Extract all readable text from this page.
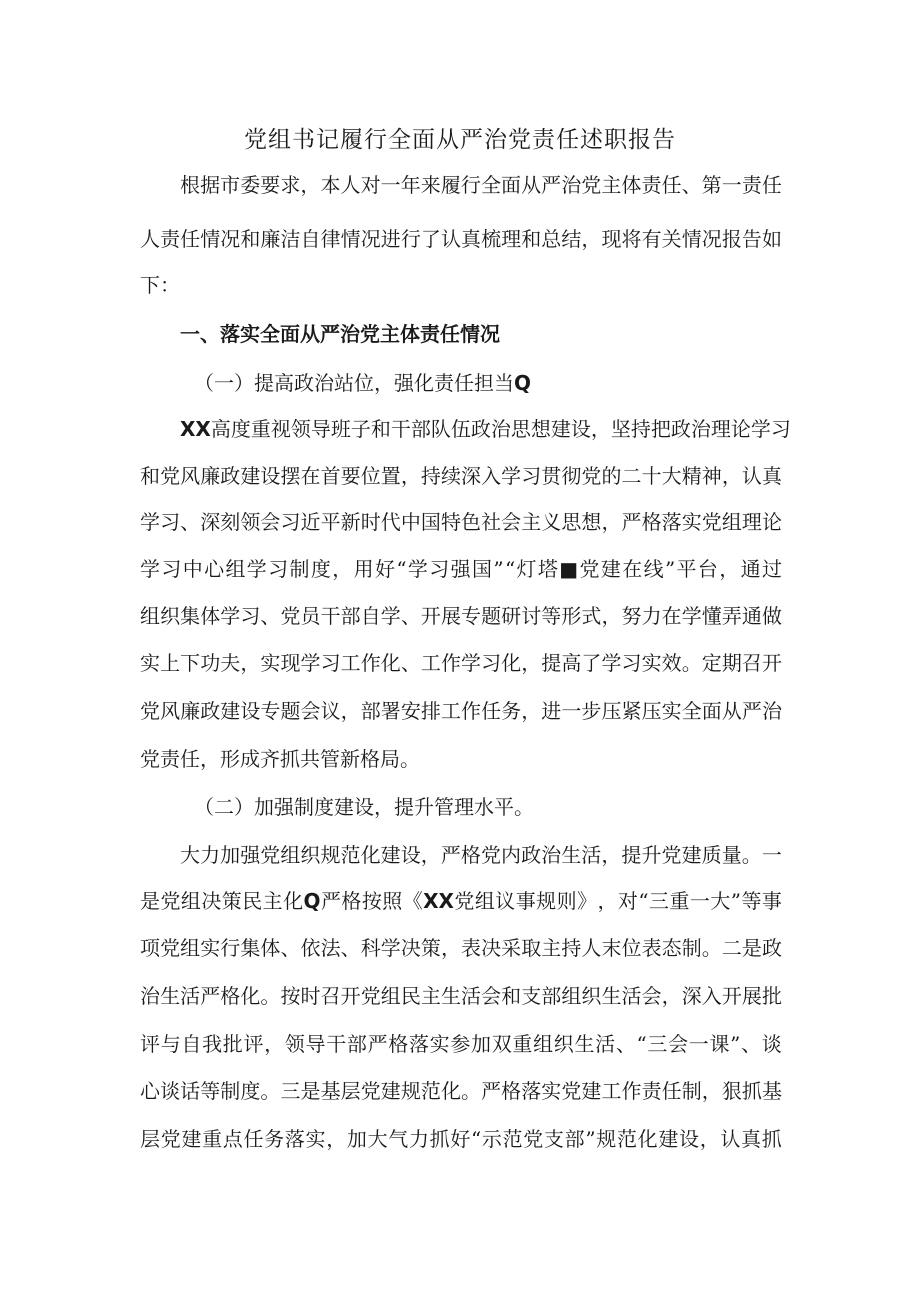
党组书记履行全面从严治党责任述职报告
根 据 市 委 要 求 ， 本 人 对 一 年 来 履 行 全 面 从 严 治 党 主 体 责 任 、 第 一 责 任
人 责 任 情 况 和 廉 洁 自 律 情 况 进 行 了 认 真 梳 理 和 总 结 ， 现 将 有 关 情 况 报 告 如
下：
一、落实全面从严治党主体责任情况
（一）提高政治站位，强化责任担当Q
XX 高 度 重 视 领 导 班 子 和 干 部 队 伍 政 治 思 想 建 设 ， 坚 持 把 政 治 理 论 学 习
和 党 风 廉 政 建 设 摆 在 首 要 位 置 ， 持 续 深 入 学 习 贯 彻 党 的 二 十 大 精 神 ， 认 真
学 习 、 深 刻 领 会 习 近 平 新 时 代 中 国 特 色 社 会 主 义 思 想 ， 严 格 落 实 党 组 理 论
学 习 中 心 组 学 习 制 度 ， 用 好 “ 学 习 强 国 ” “ 灯 塔 ■ 党 建 在 线 ” 平 台 ， 通 过
组 织 集 体 学 习 、 党 员 干 部 自 学 、 开 展 专 题 研 讨 等 形 式 ， 努 力 在 学 懂 弄 通 做
实 上 下 功 夫 ， 实 现 学 习 工 作 化 、 工 作 学 习 化 ， 提 高 了 学 习 实 效 。 定 期 召 开
党 风 廉 政 建 设 专 题 会 议 ， 部 署 安 排 工 作 任 务 ， 进 一 步 压 紧 压 实 全 面 从 严 治
党责任，形成齐抓共管新格局。
（二）加强制度建设，提升管理水平。
大 力 加 强 党 组 织 规 范 化 建 设 ， 严 格 党 内 政 治 生 活 ， 提 升 党 建 质 量 。 一
是 党 组 决 策 民 主 化 Q 严 格 按 照 《 XX 党 组 议 事 规 则 》 ， 对 “ 三 重 一 大 ” 等 事
项 党 组 实 行 集 体 、 依 法 、 科 学 决 策 ， 表 决 采 取 主 持 人 末 位 表 态 制 。 二 是 政
治 生 活 严 格 化 。 按 时 召 开 党 组 民 主 生 活 会 和 支 部 组 织 生 活 会 ， 深 入 开 展 批
评 与 自 我 批 评 ， 领 导 干 部 严 格 落 实 参 加 双 重 组 织 生 活 、 “ 三 会 一 课 ” 、 谈
心 谈 话 等 制 度 。 三 是 基 层 党 建 规 范 化 。 严 格 落 实 党 建 工 作 责 任 制 ， 狠 抓 基
层 党 建 重 点 任 务 落 实 ， 加 大 气 力 抓 好 “ 示 范 党 支 部 ” 规 范 化 建 设 ， 认 真 抓
